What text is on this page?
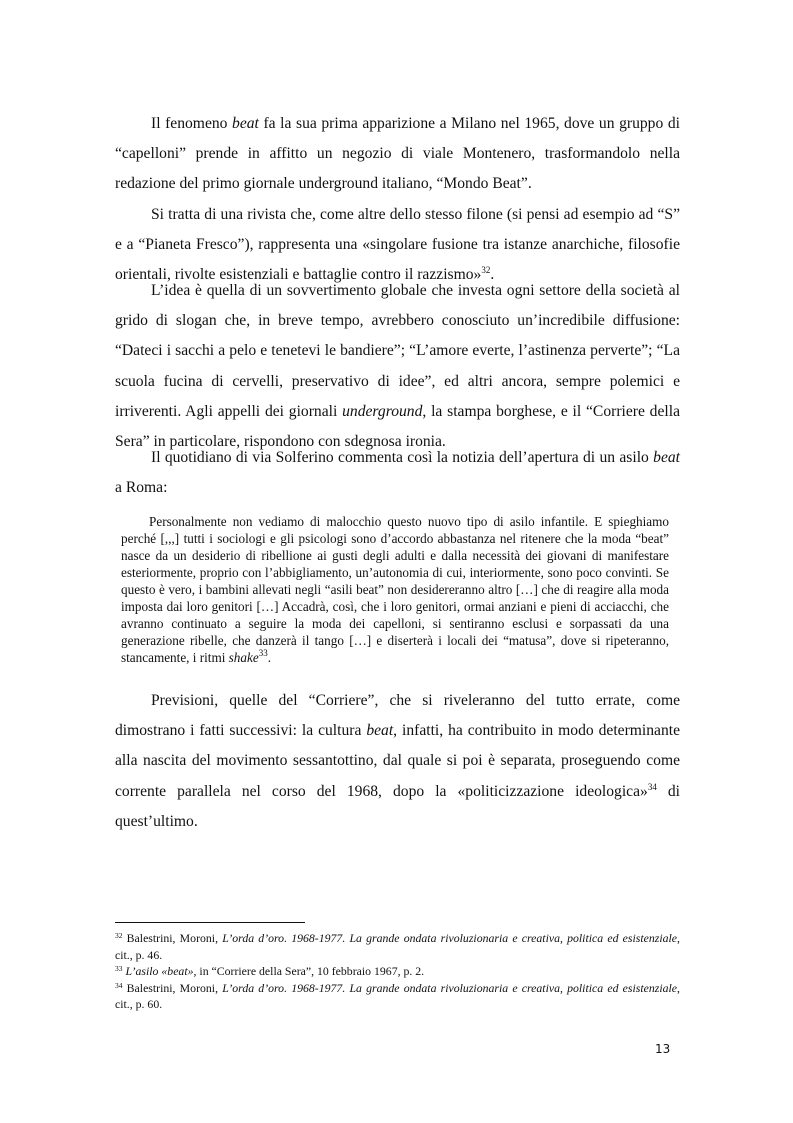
Il fenomeno beat fa la sua prima apparizione a Milano nel 1965, dove un gruppo di “capelloni” prende in affitto un negozio di viale Montenero, trasformandolo nella redazione del primo giornale underground italiano, “Mondo Beat”.

Si tratta di una rivista che, come altre dello stesso filone (si pensi ad esempio ad “S” e a “Pianeta Fresco”), rappresenta una «singolare fusione tra istanze anarchiche, filosofie orientali, rivolte esistenziali e battaglie contro il razzismo»$^{32}$.

L’idea è quella di un sovvertimento globale che investa ogni settore della società al grido di slogan che, in breve tempo, avrebbero conosciuto un’incredibile diffusione: “Dateci i sacchi a pelo e tenetevi le bandiere”; “L’amore everte, l’astinenza perverte”; “La scuola fucina di cervelli, preservativo di idee”, ed altri ancora, sempre polemici e irriverenti. Agli appelli dei giornali underground, la stampa borghese, e il “Corriere della Sera” in particolare, rispondono con sdegnosa ironia.

Il quotidiano di via Solferino commenta così la notizia dell’apertura di un asilo beat a Roma:

Personalmente non vediamo di malocchio questo nuovo tipo di asilo infantile. E spieghiamo perché [,,,] tutti i sociologi e gli psicologi sono d’accordo abbastanza nel ritenere che la moda “beat” nasce da un desiderio di ribellione ai gusti degli adulti e dalla necessità dei giovani di manifestare esteriormente, proprio con l’abbigliamento, un’autonomia di cui, interiormente, sono poco convinti. Se questo è vero, i bambini allevati negli “asili beat” non desidereranno altro […] che di reagire alla moda imposta dai loro genitori […] Accadrà, così, che i loro genitori, ormai anziani e pieni di acciacchi, che avranno continuato a seguire la moda dei capelloni, si sentiranno esclusi e sorpassati da una generazione ribelle, che danzerà il tango […] e diserterà i locali dei “matusa”, dove si ripeteranno, stancamente, i ritmi shake$^{33}$.

Previsioni, quelle del “Corriere”, che si riveleranno del tutto errate, come dimostrano i fatti successivi: la cultura beat, infatti, ha contribuito in modo determinante alla nascita del movimento sessantottino, dal quale si poi è separata, proseguendo come corrente parallela nel corso del 1968, dopo la «politicizzazione ideologica»$^{34}$ di quest’ultimo.

$^{32}$ Balestrini, Moroni, L’orda d’oro. 1968-1977. La grande ondata rivoluzionaria e creativa, politica ed esistenziale, cit., p. 46.

$^{33}$ L’asilo «beat», in “Corriere della Sera”, 10 febbraio 1967, p. 2.

$^{34}$ Balestrini, Moroni, L’orda d’oro. 1968-1977. La grande ondata rivoluzionaria e creativa, politica ed esistenziale, cit., p. 60.

13
